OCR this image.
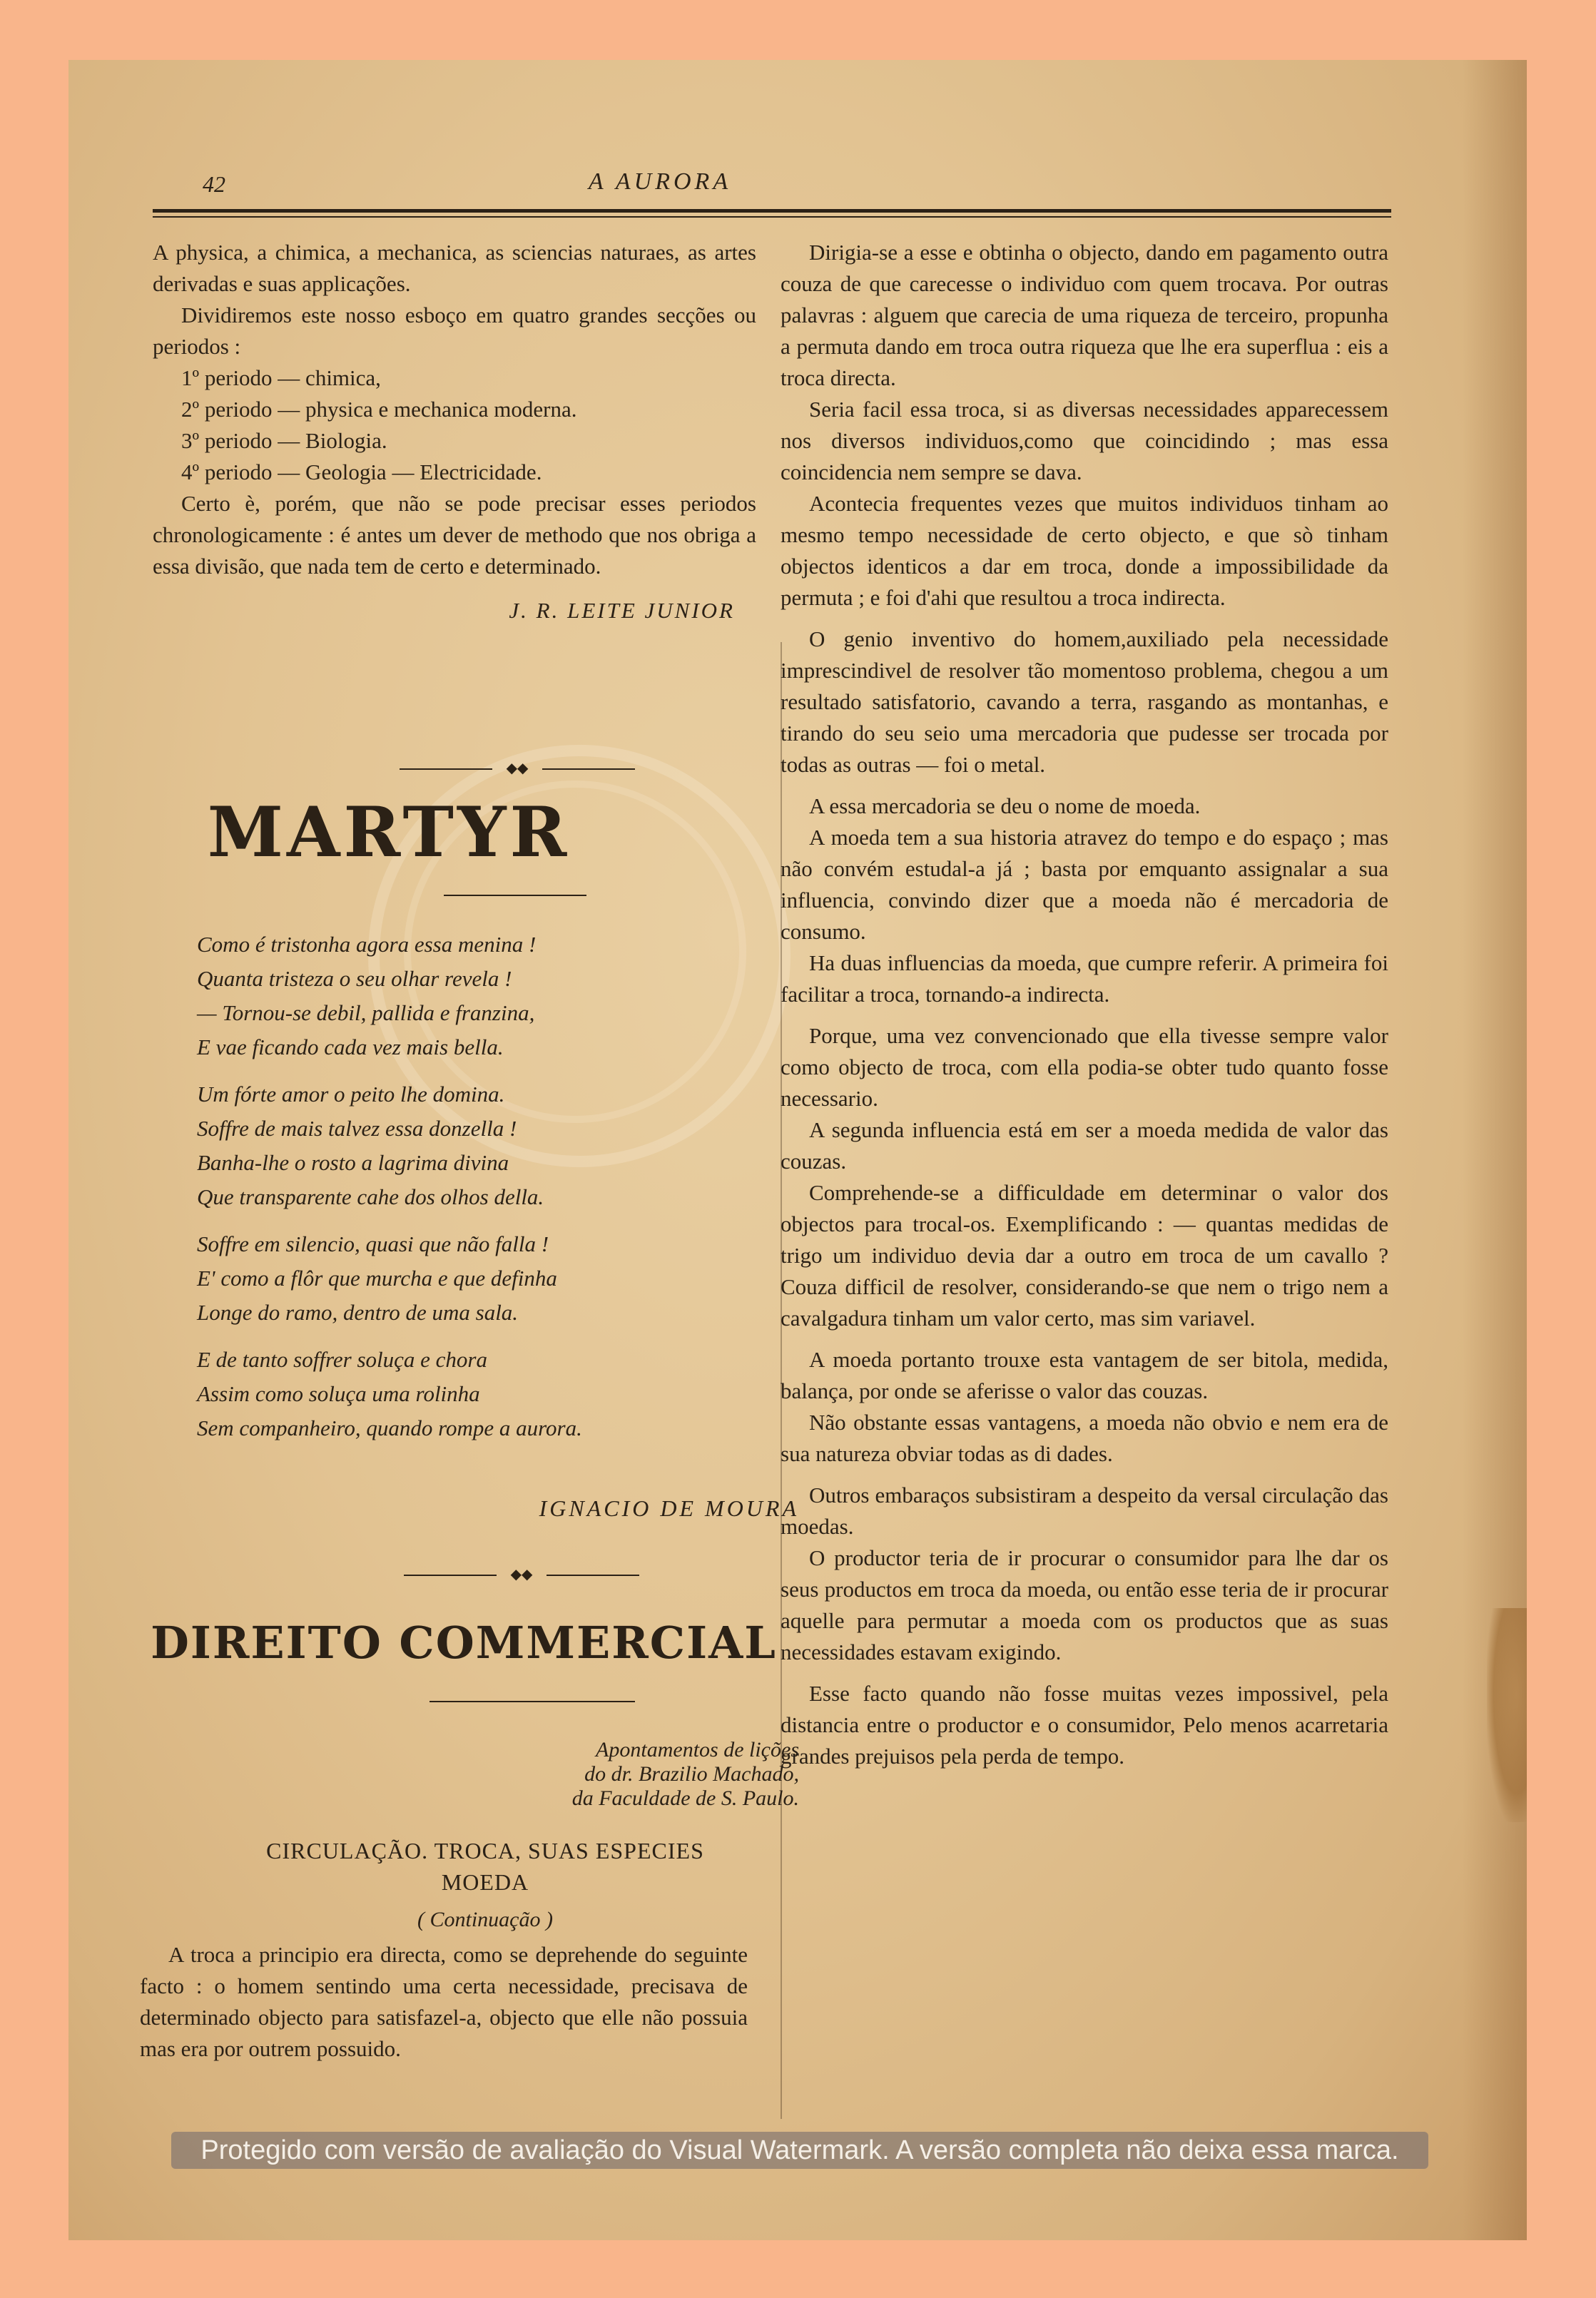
42	A AURORA

A physica, a chimica, a mechanica, as sciencias naturaes, as artes derivadas e suas applicações.

Dividiremos este nosso esboço em quatro grandes secções ou periodos :

1º periodo — chimica,

2º periodo — physica e mechanica moderna.

3º periodo — Biologia.

4º periodo — Geologia — Electricidade.

Certo è, porém, que não se pode precisar esses periodos chronologicamente : é antes um dever de methodo que nos obriga a essa divisão, que nada tem de certo e determinado.

J. R. LEITE JUNIOR

◆◆
MARTYR
Como é tristonha agora essa menina !
Quanta tristeza o seu olhar revela !
— Tornou-se debil, pallida e franzina,
E vae ficando cada vez mais bella.
Um fórte amor o peito lhe domina.
Soffre de mais talvez essa donzella !
Banha-lhe o rosto a lagrima divina
Que transparente cahe dos olhos della.
Soffre em silencio, quasi que não falla !
E' como a flôr que murcha e que definha
Longe do ramo, dentro de uma sala.
E de tanto soffrer soluça e chora
Assim como soluça uma rolinha
Sem companheiro, quando rompe a aurora.
IGNACIO DE MOURA
◆◆
DIREITO COMMERCIAL
Apontamentos de lições
do dr. Brazilio Machado,
da Faculdade de S. Paulo.
CIRCULAÇÃO. TROCA, SUAS ESPECIES
MOEDA
( Continuação )

A troca a principio era directa, como se deprehende do seguinte facto : o homem sentindo uma certa necessidade, precisava de determinado objecto para satisfazel-a, objecto que elle não possuia mas era por outrem possuido.

Dirigia-se a esse e obtinha o objecto, dando em pagamento outra couza de que carecesse o individuo com quem trocava. Por outras palavras : alguem que carecia de uma riqueza de terceiro, propunha a permuta dando em troca outra riqueza que lhe era superflua : eis a troca directa.

Seria facil essa troca, si as diversas necessidades apparecessem nos diversos individuos,como que coincidindo ; mas essa coincidencia nem sempre se dava.

Acontecia frequentes vezes que muitos individuos tinham ao mesmo tempo necessidade de certo objecto, e que sò tinham objectos identicos a dar em troca, donde a impossibilidade da permuta ; e foi d'ahi que resultou a troca indirecta.

O genio inventivo do homem,auxiliado pela necessidade imprescindivel de resolver tão momentoso problema, chegou a um resultado satisfatorio, cavando a terra, rasgando as montanhas, e tirando do seu seio uma mercadoria que pudesse ser trocada por todas as outras — foi o metal.

A essa mercadoria se deu o nome de moeda.

A moeda tem a sua historia atravez do tempo e do espaço ; mas não convém estudal-a já ; basta por emquanto assignalar a sua influencia, convindo dizer que a moeda não é mercadoria de consumo.

Ha duas influencias da moeda, que cumpre referir. A primeira foi facilitar a troca, tornando-a indirecta.

Porque, uma vez convencionado que ella tivesse sempre valor como objecto de troca, com ella podia-se obter tudo quanto fosse necessario.

A segunda influencia está em ser a moeda medida de valor das couzas.

Comprehende-se a difficuldade em determinar o valor dos objectos para trocal-os. Exemplificando : — quantas medidas de trigo um individuo devia dar a outro em troca de um cavallo ? Couza difficil de resolver, considerando-se que nem o trigo nem a cavalgadura tinham um valor certo, mas sim variavel.

A moeda portanto trouxe esta vantagem de ser bitola, medida, balança, por onde se aferisse o valor das couzas.

Não obstante essas vantagens, a moeda não obvio e nem era de sua natureza obviar todas as di dades.

Outros embaraços subsistiram a despeito da versal circulação das moedas.

O productor teria de ir procurar o consumidor para lhe dar os seus productos em troca da moeda, ou então esse teria de ir procurar aquelle para permutar a moeda com os productos que as suas necessidades estavam exigindo.

Esse facto quando não fosse muitas vezes impossivel, pela distancia entre o productor e o consumidor, Pelo menos acarretaria grandes prejuisos pela perda de tempo.

Protegido com versão de avaliação do Visual Watermark. A versão completa não deixa essa marca.
